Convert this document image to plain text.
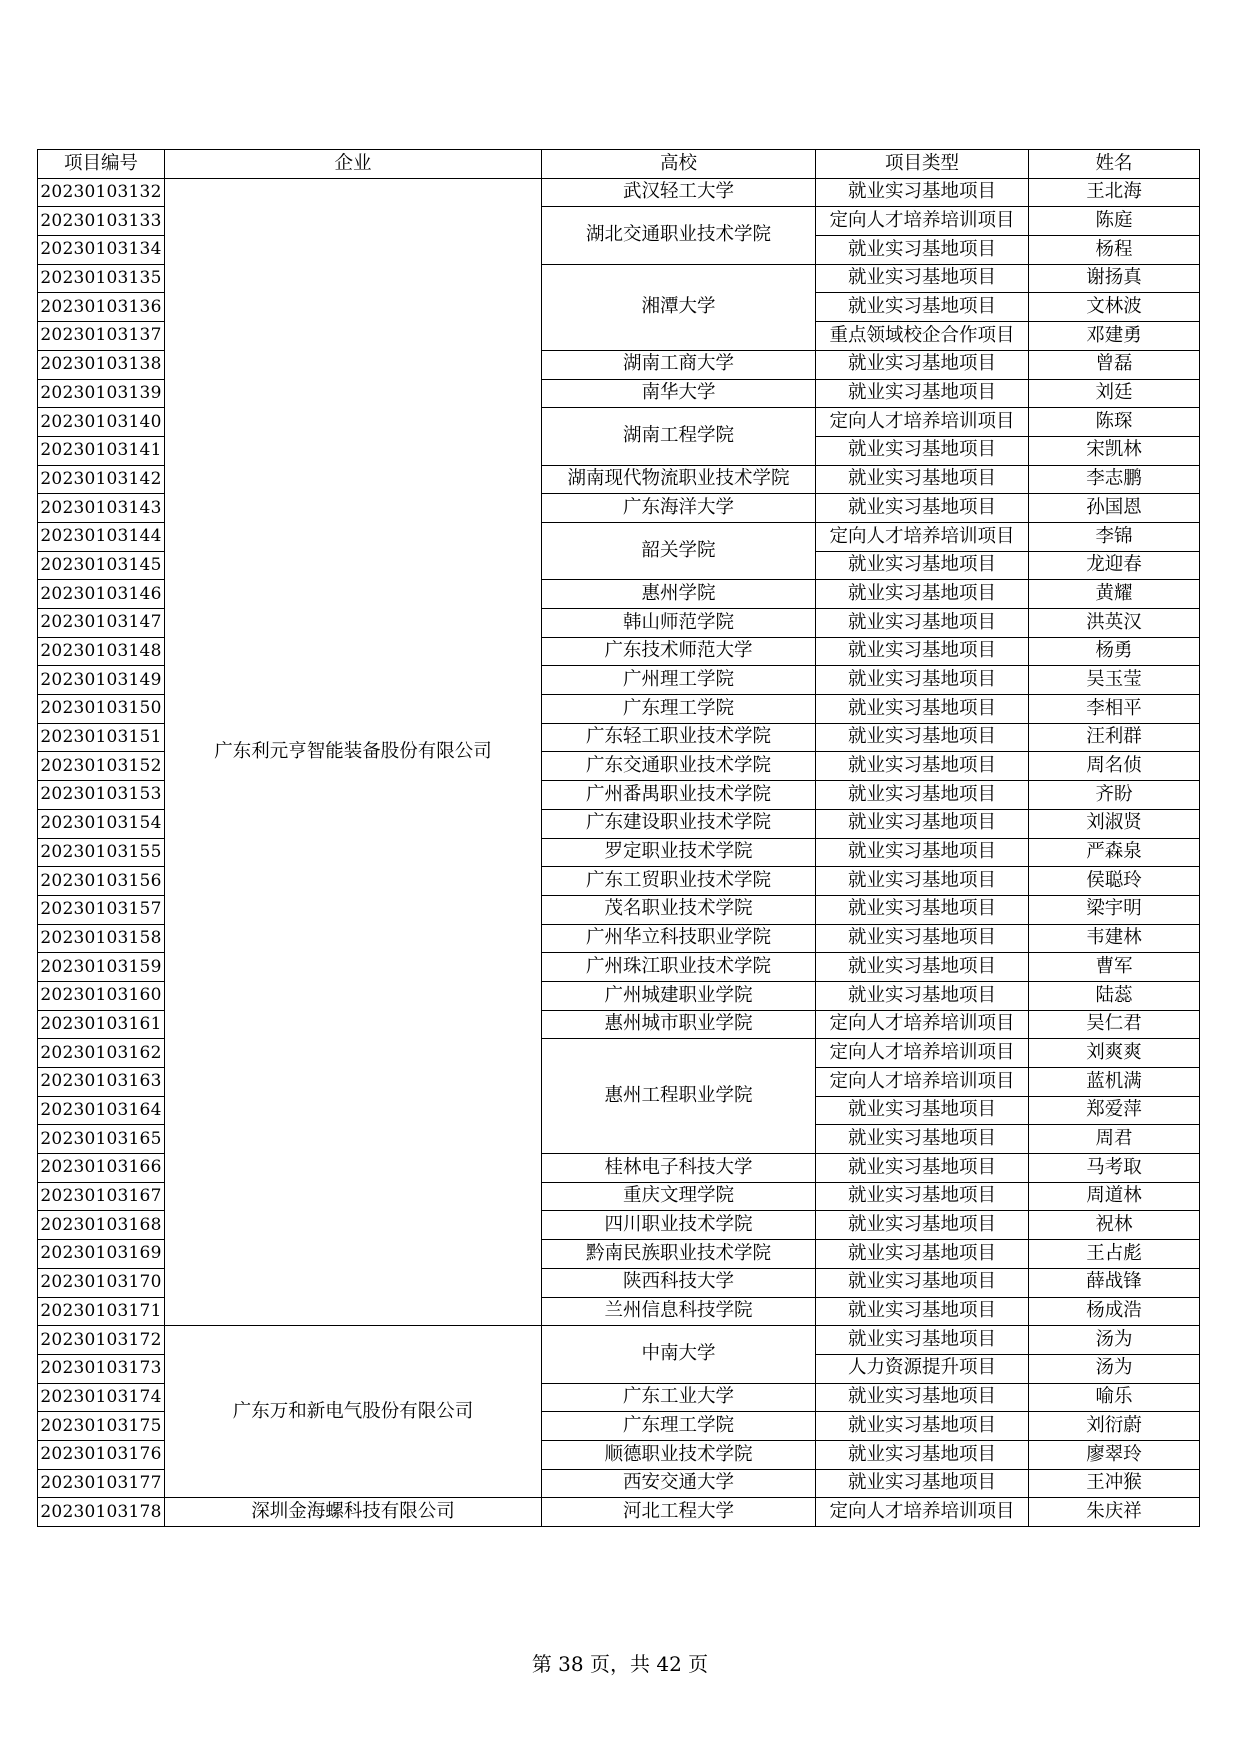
项目编号	企业	高校	项目类型	姓名
20230103132	广东利元亨智能装备股份有限公司	武汉轻工大学	就业实习基地项目	王北海
20230103133		湖北交通职业技术学院	定向人才培养培训项目	陈庭
20230103134			就业实习基地项目	杨程
20230103135		湘潭大学	就业实习基地项目	谢扬真
20230103136			就业实习基地项目	文林波
20230103137			重点领域校企合作项目	邓建勇
20230103138		湖南工商大学	就业实习基地项目	曾磊
20230103139		南华大学	就业实习基地项目	刘廷
20230103140		湖南工程学院	定向人才培养培训项目	陈琛
20230103141			就业实习基地项目	宋凯林
20230103142		湖南现代物流职业技术学院	就业实习基地项目	李志鹏
20230103143		广东海洋大学	就业实习基地项目	孙国恩
20230103144		韶关学院	定向人才培养培训项目	李锦
20230103145			就业实习基地项目	龙迎春
20230103146		惠州学院	就业实习基地项目	黄耀
20230103147		韩山师范学院	就业实习基地项目	洪英汉
20230103148		广东技术师范大学	就业实习基地项目	杨勇
20230103149		广州理工学院	就业实习基地项目	吴玉莹
20230103150		广东理工学院	就业实习基地项目	李相平
20230103151		广东轻工职业技术学院	就业实习基地项目	汪利群
20230103152		广东交通职业技术学院	就业实习基地项目	周名侦
20230103153		广州番禺职业技术学院	就业实习基地项目	齐盼
20230103154		广东建设职业技术学院	就业实习基地项目	刘淑贤
20230103155		罗定职业技术学院	就业实习基地项目	严森泉
20230103156		广东工贸职业技术学院	就业实习基地项目	侯聪玲
20230103157		茂名职业技术学院	就业实习基地项目	梁宇明
20230103158		广州华立科技职业学院	就业实习基地项目	韦建林
20230103159		广州珠江职业技术学院	就业实习基地项目	曹军
20230103160		广州城建职业学院	就业实习基地项目	陆蕊
20230103161		惠州城市职业学院	定向人才培养培训项目	吴仁君
20230103162		惠州工程职业学院	定向人才培养培训项目	刘爽爽
20230103163			定向人才培养培训项目	蓝机满
20230103164			就业实习基地项目	郑爱萍
20230103165			就业实习基地项目	周君
20230103166		桂林电子科技大学	就业实习基地项目	马考取
20230103167		重庆文理学院	就业实习基地项目	周道林
20230103168		四川职业技术学院	就业实习基地项目	祝林
20230103169		黔南民族职业技术学院	就业实习基地项目	王占彪
20230103170		陕西科技大学	就业实习基地项目	薛战锋
20230103171		兰州信息科技学院	就业实习基地项目	杨成浩
20230103172	广东万和新电气股份有限公司	中南大学	就业实习基地项目	汤为
20230103173			人力资源提升项目	汤为
20230103174		广东工业大学	就业实习基地项目	喻乐
20230103175		广东理工学院	就业实习基地项目	刘衍蔚
20230103176		顺德职业技术学院	就业实习基地项目	廖翠玲
20230103177		西安交通大学	就业实习基地项目	王冲猴
20230103178	深圳金海螺科技有限公司	河北工程大学	定向人才培养培训项目	朱庆祥
第 38 页，共 42 页
